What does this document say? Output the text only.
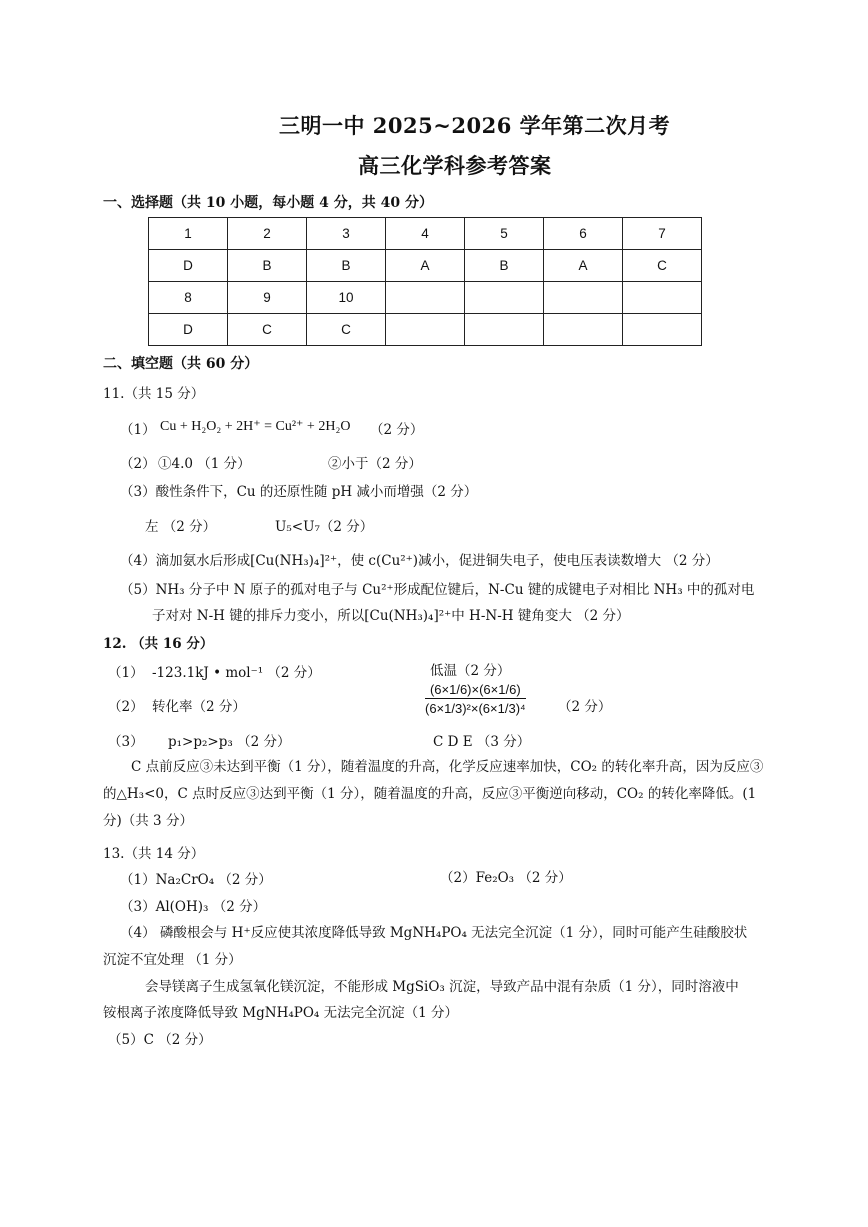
三明一中 2025~2026 学年第二次月考
高三化学科参考答案
一、选择题（共 10 小题，每小题 4 分，共 40 分）
1	2	3	4	5	6	7
D	B	B	A	B	A	C
8	9	10				
D	C	C				
二、填空题（共 60 分）
11.（共 15 分）
（1） Cu + H₂O₂ + 2H⁺ = Cu²⁺ + 2H₂O （2 分）
（2） ①4.0 （1 分）	②小于（2 分）
（3）酸性条件下，Cu 的还原性随 pH 减小而增强（2 分）
左 （2 分）	U₅<U₇（2 分）
（4）滴加氨水后形成[Cu(NH₃)₄]²⁺，使 c(Cu²⁺)减小，促进铜失电子，使电压表读数增大 （2 分）
（5）NH₃ 分子中 N 原子的孤对电子与 Cu²⁺形成配位键后，N-Cu 键的成键电子对相比 NH₃ 中的孤对电
子对对 N-H 键的排斥力变小，所以[Cu(NH₃)₄]²⁺中 H-N-H 键角变大 （2 分）
12. （共 16 分）
（1） -123.1kJ • mol⁻¹ （2 分）	低温（2 分）
（2） 转化率（2 分）	$\frac{(6\times 1/6)\times(6\times 1/6)}{\text{(6×1/3)²×(6×1/3)⁴}} (2$ 分）
（3） p₁>p₂>p₃ （2 分）	C D E （3 分）
C 点前反应③未达到平衡（1 分），随着温度的升高，化学反应速率加快，CO₂ 的转化率升高，因为反应③的△H₃<0，C 点时反应③达到平衡（1 分），随着温度的升高，反应③平衡逆向移动，CO₂ 的转化率降低。(1 分)（共 3 分）
13.（共 14 分）
（1）Na₂CrO₄ （2 分）	（2）Fe₂O₃ （2 分）
（3）Al(OH)₃ （2 分）
（4） 磷酸根会与 H⁺反应使其浓度降低导致 MgNH₄PO₄ 无法完全沉淀（1 分），同时可能产生硅酸胶状
沉淀不宜处理 （1 分）
会导镁离子生成氢氧化镁沉淀，不能形成 MgSiO₃ 沉淀，导致产品中混有杂质（1 分），同时溶液中
铵根离子浓度降低导致 MgNH₄PO₄ 无法完全沉淀（1 分）
（5）C （2 分）
